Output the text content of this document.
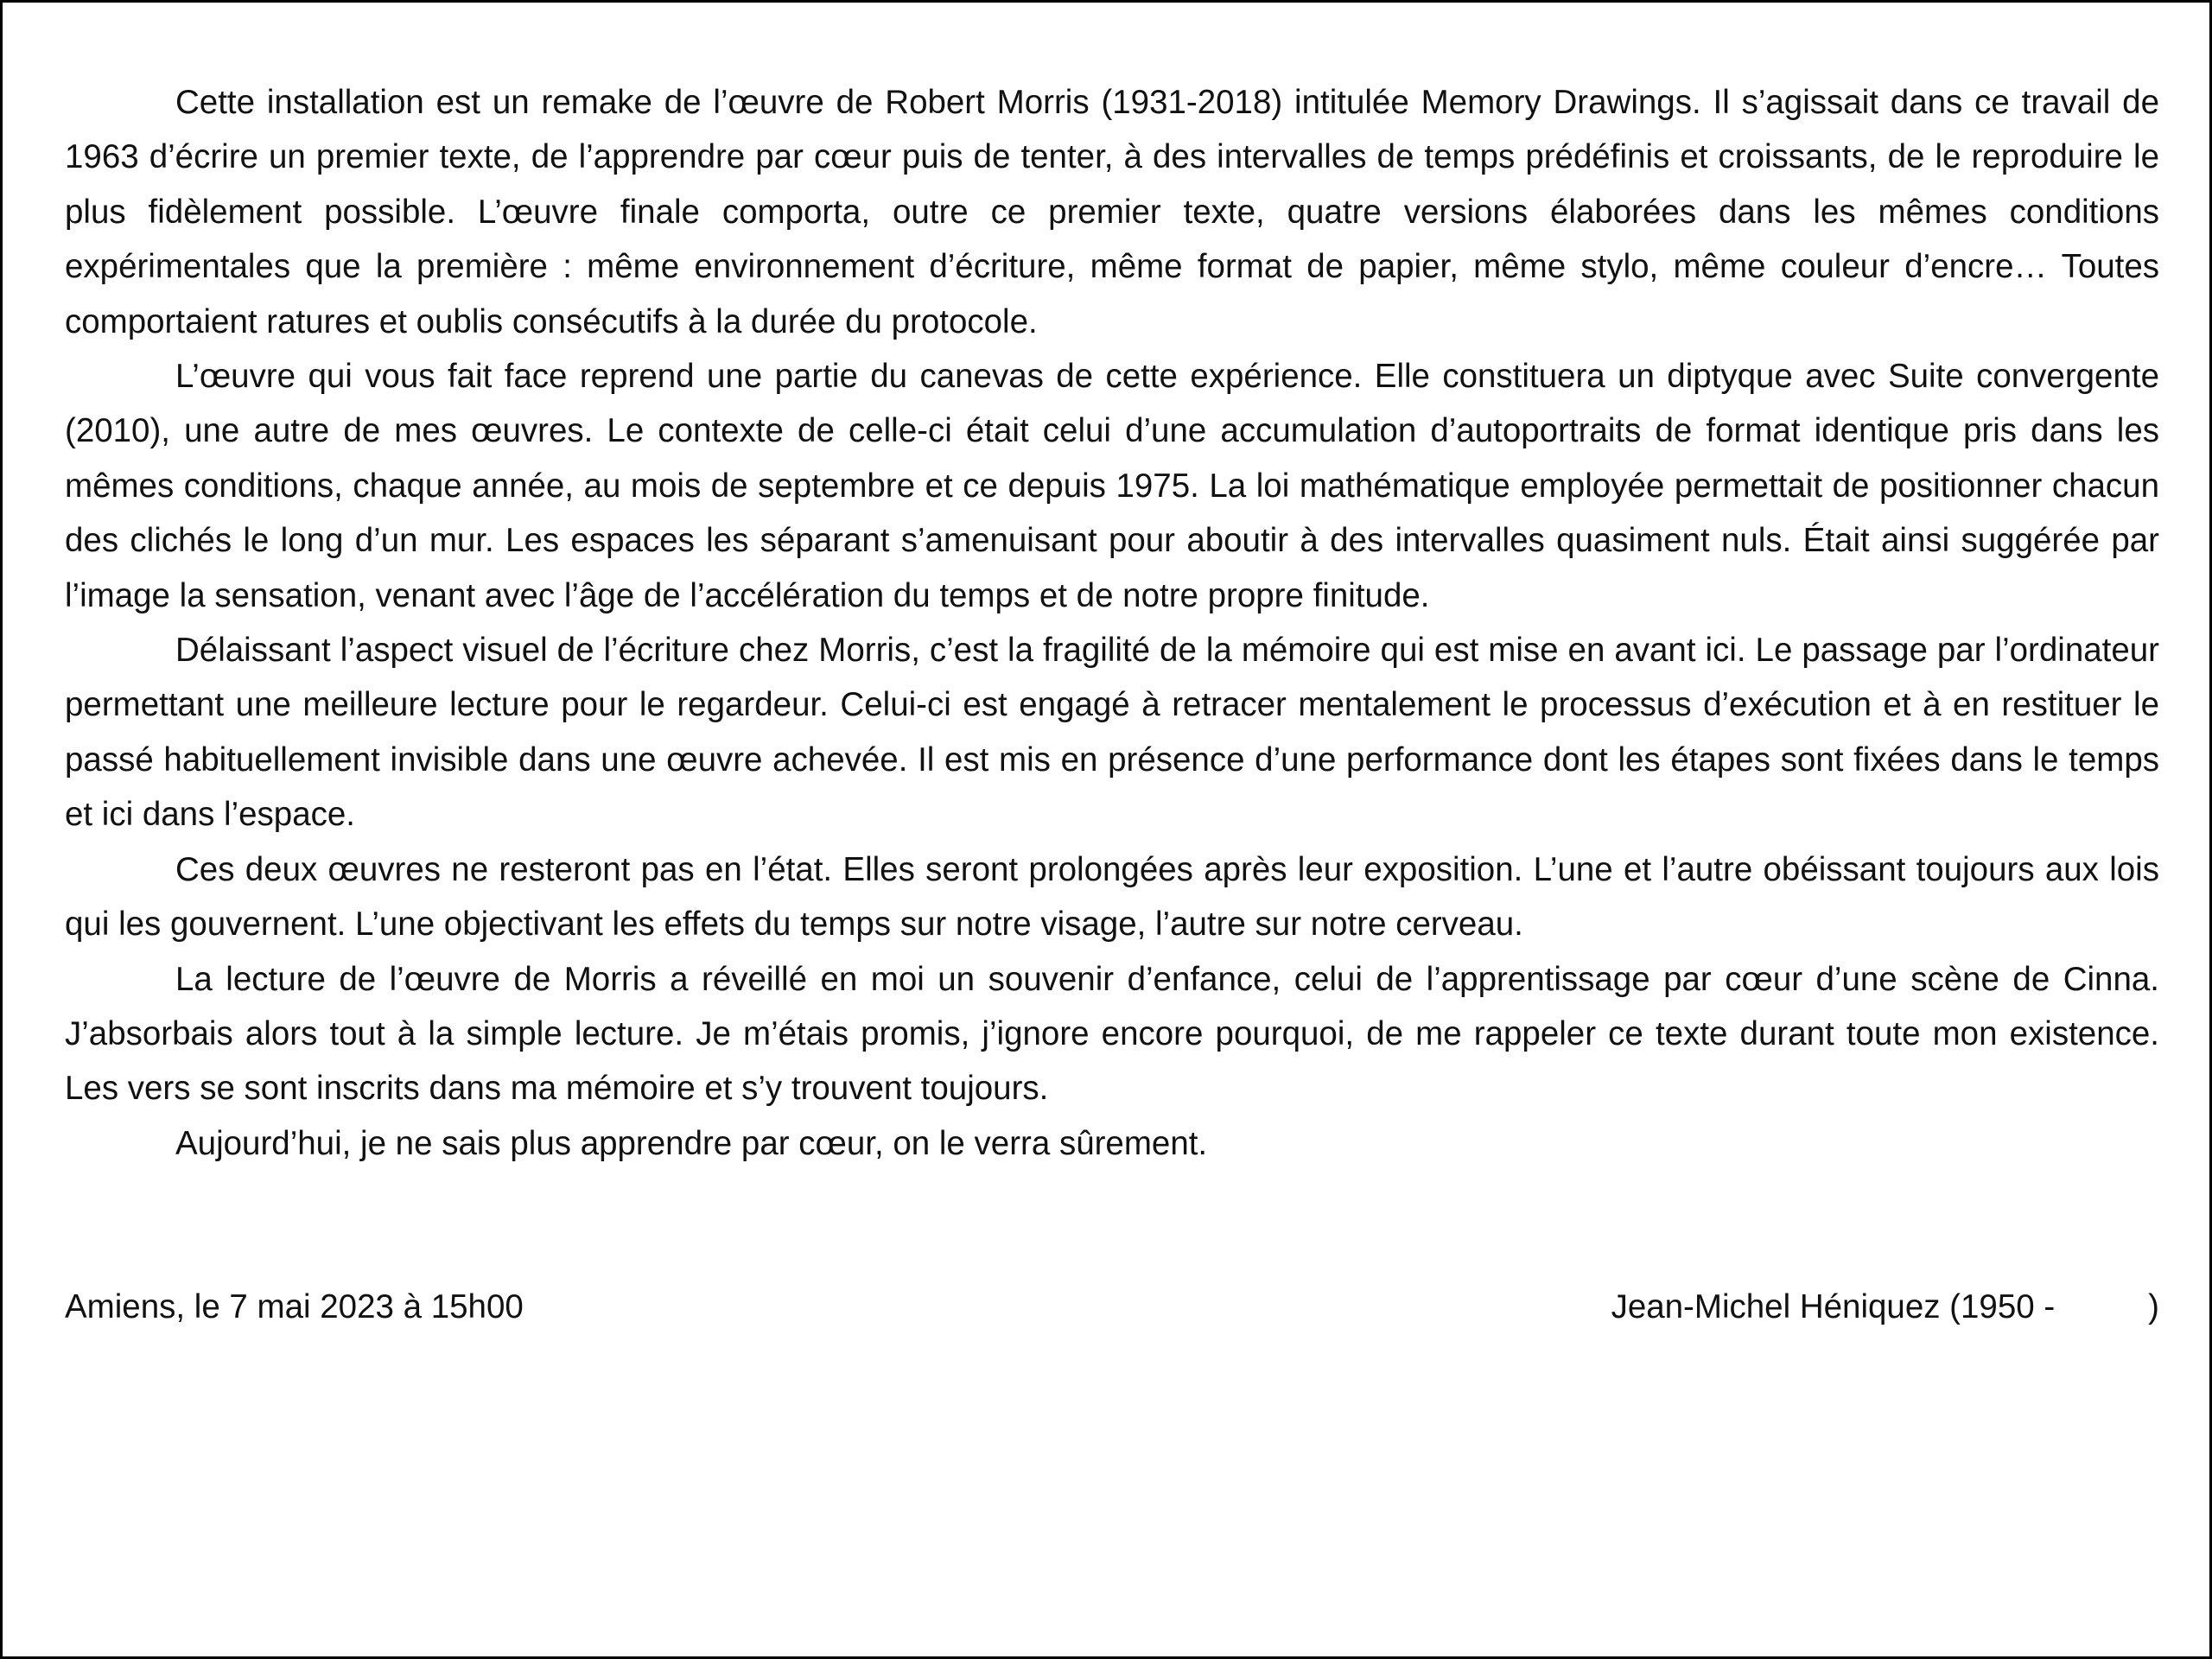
Cette installation est un remake de l’œuvre de Robert Morris (1931-2018) intitulée Memory Drawings. Il s’agissait dans ce travail de 1963 d’écrire un premier texte, de l’apprendre par cœur puis de tenter, à des intervalles de temps prédéfinis et croissants, de le reproduire le plus fidèlement possible. L’œuvre finale comporta, outre ce premier texte, quatre versions élaborées dans les mêmes conditions expérimentales que la première : même environnement d’écriture, même format de papier, même stylo, même couleur d’encre… Toutes comportaient ratures et oublis consécutifs à la durée du protocole.

L’œuvre qui vous fait face reprend une partie du canevas de cette expérience. Elle constituera un diptyque avec Suite convergente (2010), une autre de mes œuvres. Le contexte de celle-ci était celui d’une accumulation d’autoportraits de format identique pris dans les mêmes conditions, chaque année, au mois de septembre et ce depuis 1975. La loi mathématique employée permettait de positionner chacun des clichés le long d’un mur. Les espaces les séparant s’amenuisant pour aboutir à des intervalles quasiment nuls. Était ainsi suggérée par l’image la sensation, venant avec l’âge de l’accélération du temps et de notre propre finitude.

Délaissant l’aspect visuel de l’écriture chez Morris, c’est la fragilité de la mémoire qui est mise en avant ici. Le passage par l’ordinateur permettant une meilleure lecture pour le regardeur. Celui-ci est engagé à retracer mentalement le processus d’exécution et à en restituer le passé habituellement invisible dans une œuvre achevée. Il est mis en présence d’une performance dont les étapes sont fixées dans le temps et ici dans l’espace.

Ces deux œuvres ne resteront pas en l’état. Elles seront prolongées après leur exposition. L’une et l’autre obéissant toujours aux lois qui les gouvernent. L’une objectivant les effets du temps sur notre visage, l’autre sur notre cerveau.

La lecture de l’œuvre de Morris a réveillé en moi un souvenir d’enfance, celui de l’apprentissage par cœur d’une scène de Cinna. J’absorbais alors tout à la simple lecture. Je m’étais promis, j’ignore encore pourquoi, de me rappeler ce texte durant toute mon existence. Les vers se sont inscrits dans ma mémoire et s’y trouvent toujours.

Aujourd’hui, je ne sais plus apprendre par cœur, on le verra sûrement.

Amiens, le 7 mai 2023 à 15h00	Jean-Michel Héniquez (1950 -	)
